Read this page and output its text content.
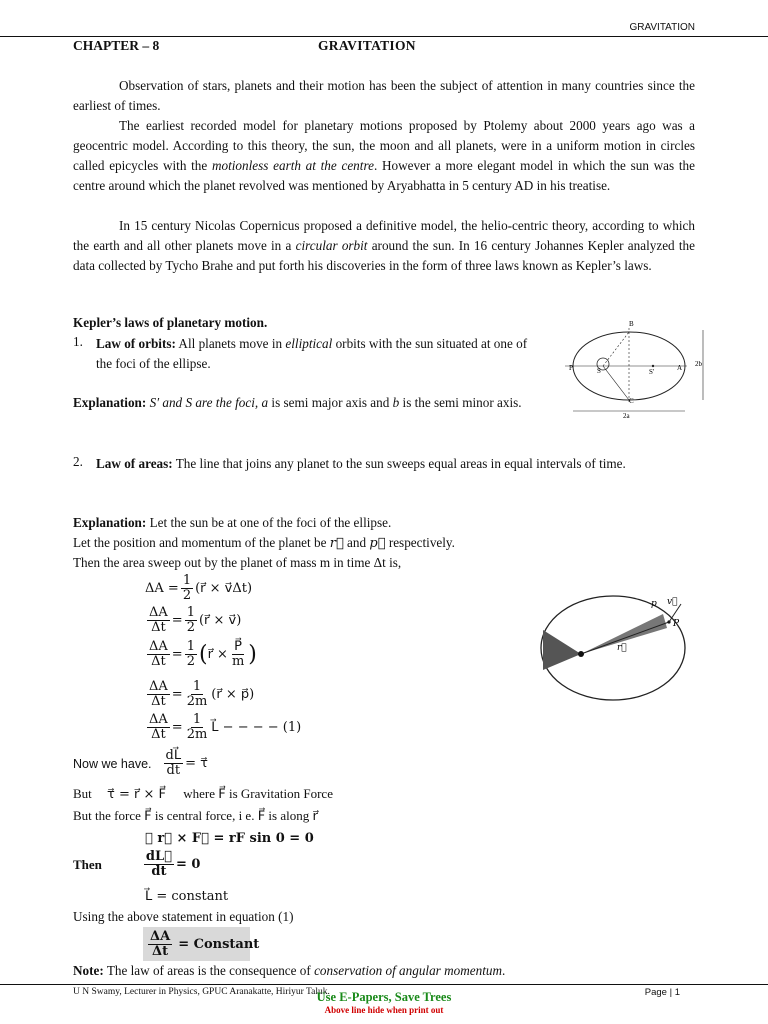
GRAVITATION
CHAPTER – 8	GRAVITATION
Observation of stars, planets and their motion has been the subject of attention in many countries since the earliest of times.
The earliest recorded model for planetary motions proposed by Ptolemy about 2000 years ago was a geocentric model. According to this theory, the sun, the moon and all planets, were in a uniform motion in circles called epicycles with the motionless earth at the centre. However a more elegant model in which the sun was the centre around which the planet revolved was mentioned by Aryabhatta in 5 century AD in his treatise.
In 15 century Nicolas Copernicus proposed a definitive model, the helio-centric theory, according to which the earth and all other planets move in a circular orbit around the sun. In 16 century Johannes Kepler analyzed the data collected by Tycho Brahe and put forth his discoveries in the form of three laws known as Kepler’s laws.
Kepler’s laws of planetary motion.
1. Law of orbits: All planets move in elliptical orbits with the sun situated at one of the foci of the ellipse.
Explanation: S′ and S are the foci, a is semi major axis and b is the semi minor axis.
B
P	S	S′	A
C
2b
2a
2. Law of areas: The line that joins any planet to the sun sweeps equal areas in equal intervals of time.
Explanation: Let the sun be at one of the foci of the ellipse.
Let the position and momentum of the planet be r⃗ and p⃗ respectively.
Then the area sweep out by the planet of mass m in time Δt is,
$\Delta A = \frac{1}{2}$ (r⃗ × v⃗Δt)
$\frac{\Delta A}{\Delta t} = \frac{1}{2}$ (r⃗ × v⃗)
$\frac{\Delta A}{\Delta t} = \frac{1}{2}$ ( r⃗ × $\frac{P⃗}{m}$ )
$\frac{\Delta A}{\Delta t} = \frac{1}{2m}$ (r⃗ × p⃗)
$\frac{\Delta A}{\Delta t} = \frac{1}{2m}$ L⃗ − − − − (1)
Now we have. $\frac{dL⃗}{dt}$ = τ⃗
But τ⃗ = r⃗ × F⃗ where F⃗ is Gravitation Force
But the force F⃗ is central force, i e. F⃗ is along r⃗
∴ r⃗ × F⃗ = rF sin 0 = 0
Then	$\frac{dL⃗}{dt} = 0$
L⃗ = constant
Using the above statement in equation (1)
$\frac{\Delta A}{\Delta t}$ = Constant
Note: The law of areas is the consequence of conservation of angular momentum.
p v⃗
r⃗
P
U N Swamy, Lecturer in Physics, GPUC Aranakatte, Hiriyur Taluk.	Page | 1
Use E-Papers, Save Trees
Above line hide when print out
